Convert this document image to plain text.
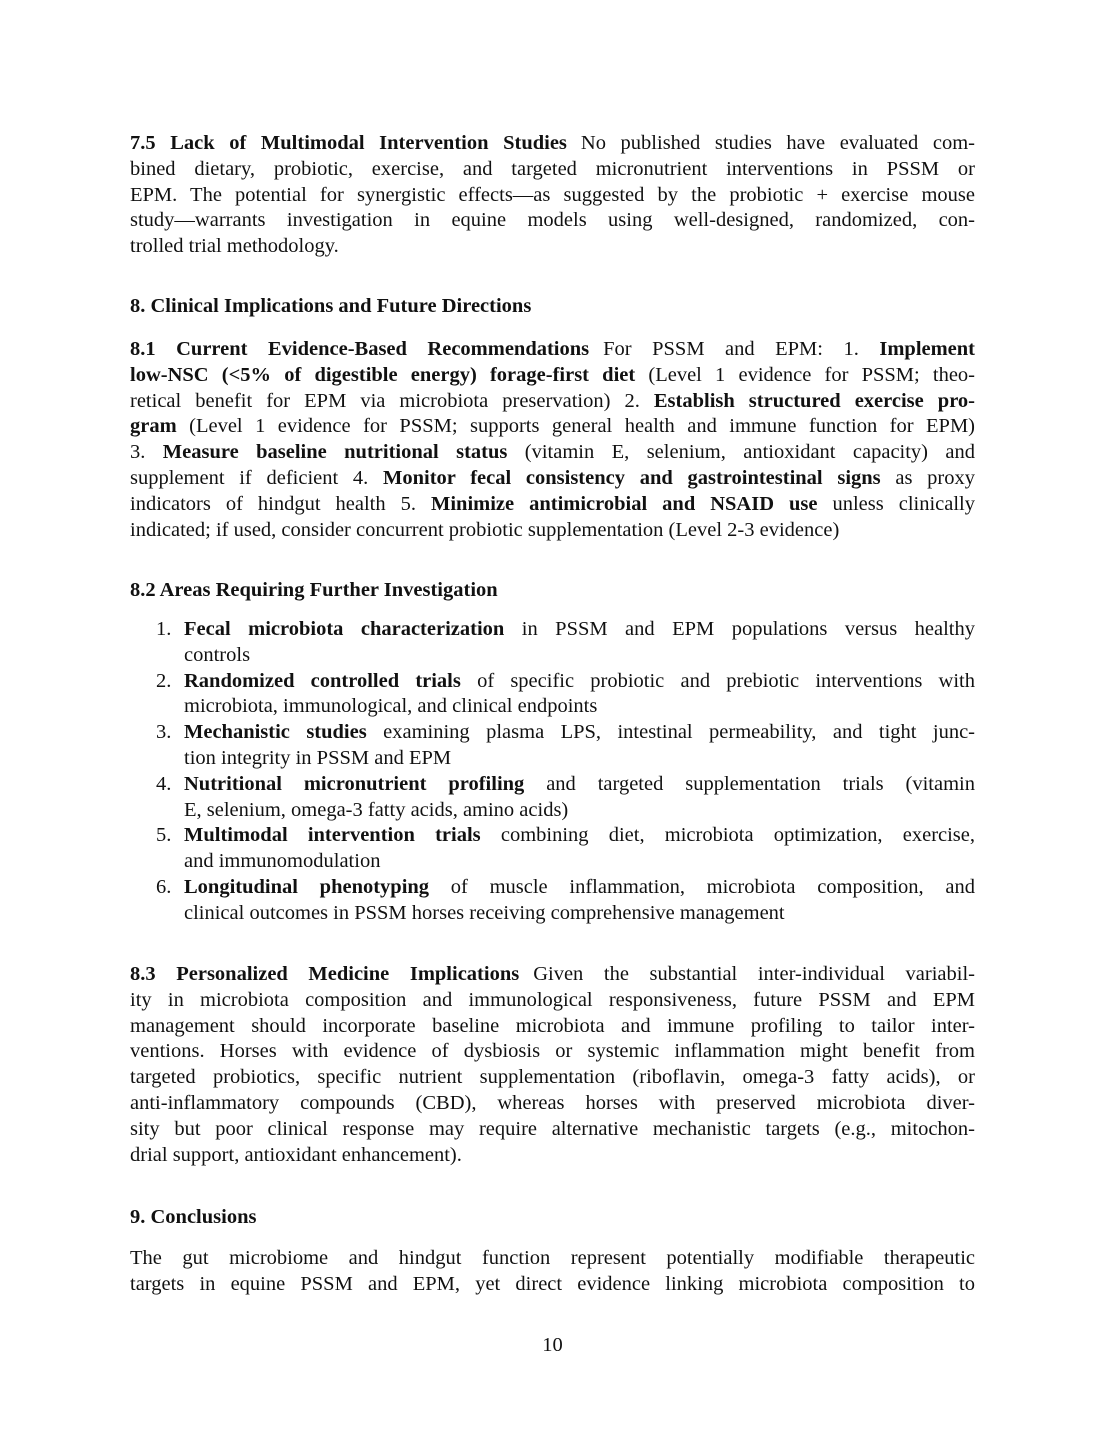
7.5 Lack of Multimodal Intervention Studies No published studies have evaluated com-
bined dietary, probiotic, exercise, and targeted micronutrient interventions in PSSM or
EPM. The potential for synergistic effects—as suggested by the probiotic + exercise mouse
study—warrants investigation in equine models using well-designed, randomized, con-
trolled trial methodology.
8. Clinical Implications and Future Directions
8.1 Current Evidence-Based Recommendations For PSSM and EPM: 1. Implement
low-NSC (<5% of digestible energy) forage-first diet (Level 1 evidence for PSSM; theo-
retical benefit for EPM via microbiota preservation) 2. Establish structured exercise pro-
gram (Level 1 evidence for PSSM; supports general health and immune function for EPM)
3. Measure baseline nutritional status (vitamin E, selenium, antioxidant capacity) and
supplement if deficient 4. Monitor fecal consistency and gastrointestinal signs as proxy
indicators of hindgut health 5. Minimize antimicrobial and NSAID use unless clinically
indicated; if used, consider concurrent probiotic supplementation (Level 2-3 evidence)
8.2 Areas Requiring Further Investigation
1. Fecal microbiota characterization in PSSM and EPM populations versus healthy
controls
2. Randomized controlled trials of specific probiotic and prebiotic interventions with
microbiota, immunological, and clinical endpoints
3. Mechanistic studies examining plasma LPS, intestinal permeability, and tight junc-
tion integrity in PSSM and EPM
4. Nutritional micronutrient profiling and targeted supplementation trials (vitamin
E, selenium, omega-3 fatty acids, amino acids)
5. Multimodal intervention trials combining diet, microbiota optimization, exercise,
and immunomodulation
6. Longitudinal phenotyping of muscle inflammation, microbiota composition, and
clinical outcomes in PSSM horses receiving comprehensive management
8.3 Personalized Medicine Implications Given the substantial inter-individual variabil-
ity in microbiota composition and immunological responsiveness, future PSSM and EPM
management should incorporate baseline microbiota and immune profiling to tailor inter-
ventions. Horses with evidence of dysbiosis or systemic inflammation might benefit from
targeted probiotics, specific nutrient supplementation (riboflavin, omega-3 fatty acids), or
anti-inflammatory compounds (CBD), whereas horses with preserved microbiota diver-
sity but poor clinical response may require alternative mechanistic targets (e.g., mitochon-
drial support, antioxidant enhancement).
9. Conclusions
The gut microbiome and hindgut function represent potentially modifiable therapeutic
targets in equine PSSM and EPM, yet direct evidence linking microbiota composition to
10
